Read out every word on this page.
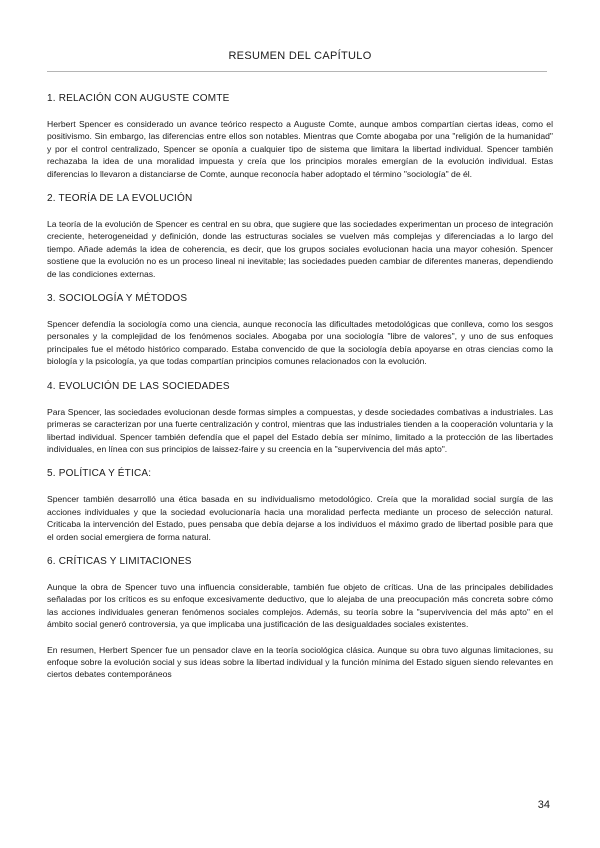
RESUMEN DEL CAPÍTULO
1. RELACIÓN CON AUGUSTE COMTE

Herbert Spencer es considerado un avance teórico respecto a Auguste Comte, aunque ambos compartían ciertas ideas, como el positivismo. Sin embargo, las diferencias entre ellos son notables. Mientras que Comte abogaba por una "religión de la humanidad" y por el control centralizado, Spencer se oponía a cualquier tipo de sistema que limitara la libertad individual. Spencer también rechazaba la idea de una moralidad impuesta y creía que los principios morales emergían de la evolución individual. Estas diferencias lo llevaron a distanciarse de Comte, aunque reconocía haber adoptado el término "sociología" de él.

2. TEORÍA DE LA EVOLUCIÓN

La teoría de la evolución de Spencer es central en su obra, que sugiere que las sociedades experimentan un proceso de integración creciente, heterogeneidad y definición, donde las estructuras sociales se vuelven más complejas y diferenciadas a lo largo del tiempo. Añade además la idea de coherencia, es decir, que los grupos sociales evolucionan hacia una mayor cohesión. Spencer sostiene que la evolución no es un proceso lineal ni inevitable; las sociedades pueden cambiar de diferentes maneras, dependiendo de las condiciones externas.

3. SOCIOLOGÍA Y MÉTODOS

Spencer defendía la sociología como una ciencia, aunque reconocía las dificultades metodológicas que conlleva, como los sesgos personales y la complejidad de los fenómenos sociales. Abogaba por una sociología "libre de valores", y uno de sus enfoques principales fue el método histórico comparado. Estaba convencido de que la sociología debía apoyarse en otras ciencias como la biología y la psicología, ya que todas compartían principios comunes relacionados con la evolución.

4. EVOLUCIÓN DE LAS SOCIEDADES

Para Spencer, las sociedades evolucionan desde formas simples a compuestas, y desde sociedades combativas a industriales. Las primeras se caracterizan por una fuerte centralización y control, mientras que las industriales tienden a la cooperación voluntaria y la libertad individual. Spencer también defendía que el papel del Estado debía ser mínimo, limitado a la protección de las libertades individuales, en línea con sus principios de laissez-faire y su creencia en la "supervivencia del más apto".

5. POLÍTICA Y ÉTICA:

Spencer también desarrolló una ética basada en su individualismo metodológico. Creía que la moralidad social surgía de las acciones individuales y que la sociedad evolucionaría hacia una moralidad perfecta mediante un proceso de selección natural. Criticaba la intervención del Estado, pues pensaba que debía dejarse a los individuos el máximo grado de libertad posible para que el orden social emergiera de forma natural.

6. CRÍTICAS Y LIMITACIONES

Aunque la obra de Spencer tuvo una influencia considerable, también fue objeto de críticas. Una de las principales debilidades señaladas por los críticos es su enfoque excesivamente deductivo, que lo alejaba de una preocupación más concreta sobre cómo las acciones individuales generan fenómenos sociales complejos. Además, su teoría sobre la "supervivencia del más apto" en el ámbito social generó controversia, ya que implicaba una justificación de las desigualdades sociales existentes.

En resumen, Herbert Spencer fue un pensador clave en la teoría sociológica clásica. Aunque su obra tuvo algunas limitaciones, su enfoque sobre la evolución social y sus ideas sobre la libertad individual y la función mínima del Estado siguen siendo relevantes en ciertos debates contemporáneos

34
